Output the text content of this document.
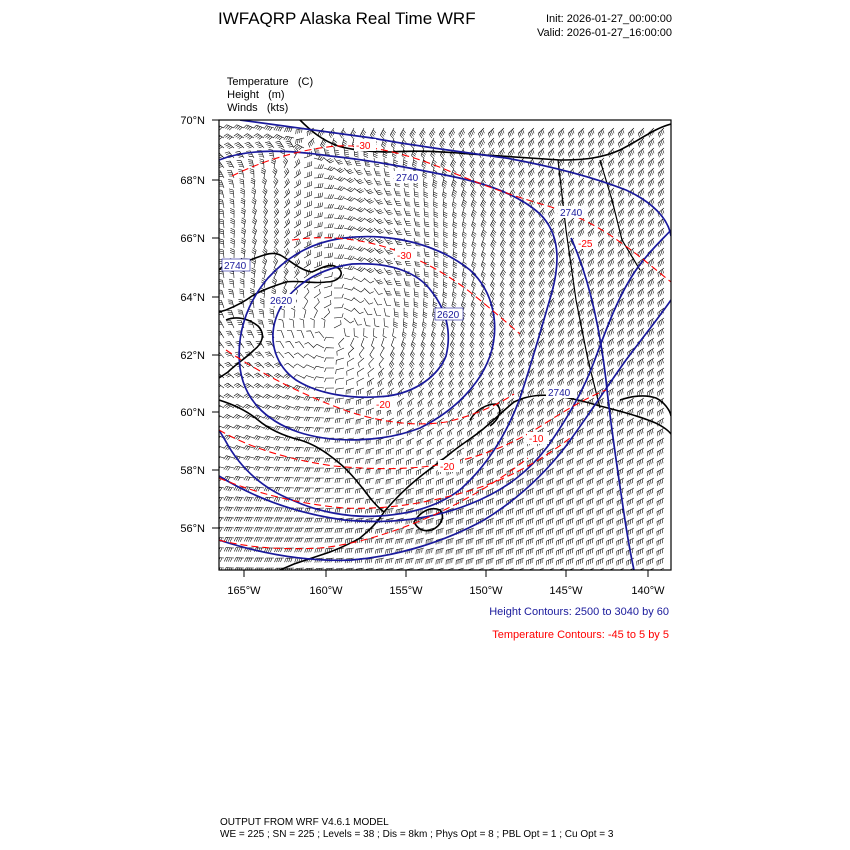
IWFAQRP Alaska Real Time WRF	Init: 2026-01-27_00:00:00
Valid: 2026-01-27_16:00:00

Temperature (C)

Height (m)

Winds (kts)

70°N
68°N
66°N
64°N
62°N
60°N
58°N
56°N
165°W	160°W	155°W	150°W	145°W	140°W
2740
2740
2740
2620
2620
2740
-30
-25
-30
-20
-20
-10
Height Contours: 2500 to 3040 by 60
Temperature Contours: -45 to 5 by 5
OUTPUT FROM WRF V4.6.1 MODEL
WE = 225 ; SN = 225 ; Levels = 38 ; Dis = 8km ; Phys Opt = 8 ; PBL Opt = 1 ; Cu Opt = 3
